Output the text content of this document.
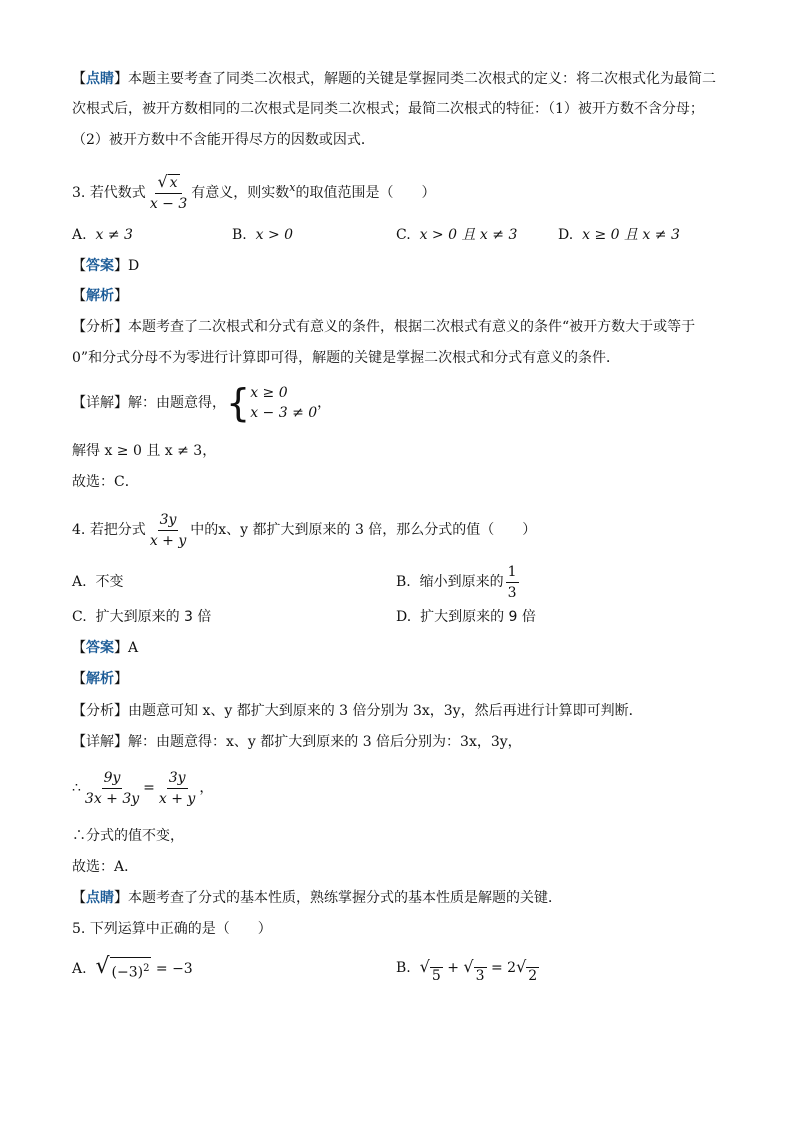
【点睛】本题主要考查了同类二次根式，解题的关键是掌握同类二次根式的定义：将二次根式化为最简二
次根式后，被开方数相同的二次根式是同类二次根式；最简二次根式的特征：（1）被开方数不含分母；
（2）被开方数中不含能开得尽方的因数或因式．
3. 若代数式 $\frac{√ x}{x - 3}$ 有意义，则实数$^x$的取值范围是（　　）
A. x ≠ 3	B. x > 0	C. x > 0 且 x ≠ 3	D. x ≥ 0 且 x ≠ 3
【答案】D
【解析】
【分析】本题考查了二次根式和分式有意义的条件，根据二次根式有意义的条件“被开方数大于或等于
0”和分式分母不为零进行计算即可得，解题的关键是掌握二次根式和分式有意义的条件．
【详解】解：由题意得，{ x ≥ 0
x − 3 ≠ 0
，
解得 x ≥ 0 且 x ≠ 3，
故选：C．
4. 若把分式 $\frac{3y}{x + y}$ 中的x、y 都扩大到原来的 3 倍，那么分式的值（　　）
A. 不变	B. 缩小到原来的 $\frac{1}{3}$
C. 扩大到原来的 3 倍	D. 扩大到原来的 9 倍
【答案】A
【解析】
【分析】由题意可知 x、y 都扩大到原来的 3 倍分别为 3x，3y，然后再进行计算即可判断．
【详解】解：由题意得：x、y 都扩大到原来的 3 倍后分别为：3x，3y，
∴ $\frac{9y}{3x + 3y} = \frac{3y}{x + y}$ ，
∴分式的值不变，
故选：A．
【点睛】本题考查了分式的基本性质，熟练掌握分式的基本性质是解题的关键．
5. 下列运算中正确的是（　　）
A. √ $(-3)^2 = -3$	B. √ 5 + √ 3 = 2 √ 2
